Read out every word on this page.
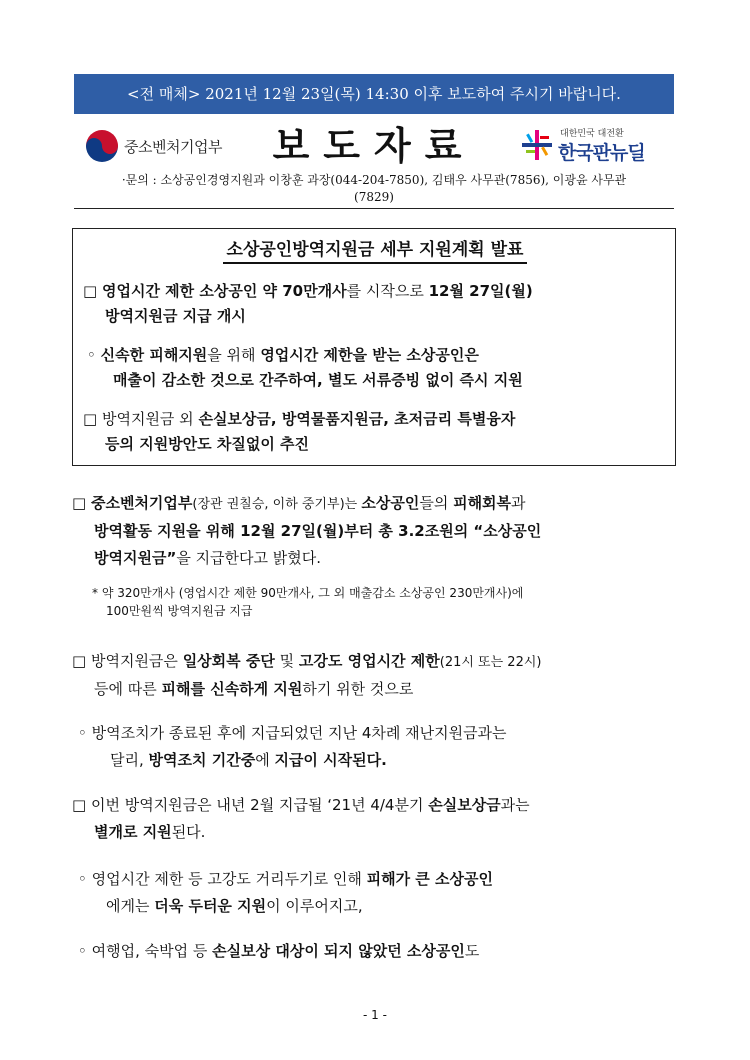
<전 매체> 2021년 12월 23일(목) 14:30 이후 보도하여 주시기 바랍니다.
중소벤처기업부	보도자료	대한민국 대전환
한국판뉴딜
·문의 : 소상공인경영지원과 이창훈 과장(044-204-7850), 김태우 사무관(7856), 이광윤 사무관
(7829)
소상공인방역지원금 세부 지원계획 발표
□ 영업시간 제한 소상공인 약 70만개사를 시작으로 12월 27일(월)
방역지원금 지급 개시
◦ 신속한 피해지원을 위해 영업시간 제한을 받는 소상공인은
매출이 감소한 것으로 간주하여, 별도 서류증빙 없이 즉시 지원
□ 방역지원금 외 손실보상금, 방역물품지원금, 초저금리 특별융자
등의 지원방안도 차질없이 추진
□ 중소벤처기업부(장관 권칠승, 이하 중기부)는 소상공인들의 피해회복과
방역활동 지원을 위해 12월 27일(월)부터 총 3.2조원의 “소상공인
방역지원금”을 지급한다고 밝혔다.
* 약 320만개사 (영업시간 제한 90만개사, 그 외 매출감소 소상공인 230만개사)에
100만원씩 방역지원금 지급
□ 방역지원금은 일상회복 중단 및 고강도 영업시간 제한(21시 또는 22시)
등에 따른 피해를 신속하게 지원하기 위한 것으로
◦ 방역조치가 종료된 후에 지급되었던 지난 4차례 재난지원금과는
달리, 방역조치 기간중에 지급이 시작된다.
□ 이번 방역지원금은 내년 2월 지급될 ‘21년 4/4분기 손실보상금과는
별개로 지원된다.
◦ 영업시간 제한 등 고강도 거리두기로 인해 피해가 큰 소상공인
에게는 더욱 두터운 지원이 이루어지고,
◦ 여행업, 숙박업 등 손실보상 대상이 되지 않았던 소상공인도
- 1 -
